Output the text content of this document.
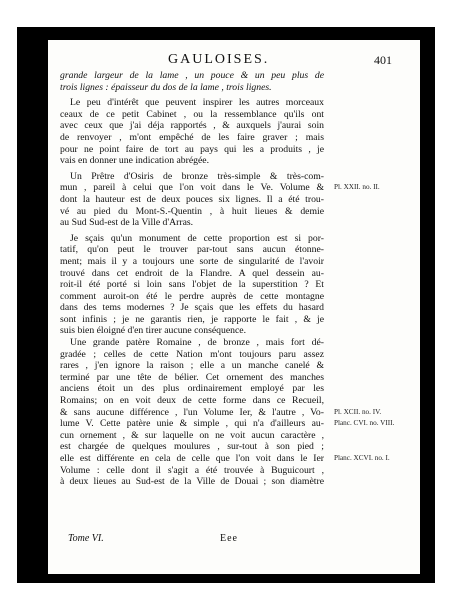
GAULOISES.	401
grande largeur de la lame , un pouce & un peu plus de
trois lignes : épaisseur du dos de la lame , trois lignes.
Le peu d'intérêt que peuvent inspirer les autres morceaux
ceaux de ce petit Cabinet , ou la ressemblance qu'ils ont
avec ceux que j'ai déja rapportés , & auxquels j'aurai soin
de renvoyer , m'ont empêché de les faire graver ; mais
pour ne point faire de tort au pays qui les a produits , je
vais en donner une indication abrégée.
Un Prêtre d'Osiris de bronze très-simple & très-com-
mun , pareil à celui que l'on voit dans le Ve. Volume &
dont la hauteur est de deux pouces six lignes. Il a été trou-
vé au pied du Mont-S.-Quentin , à huit lieues & demie
au Sud Sud-est de la Ville d'Arras.
Je sçais qu'un monument de cette proportion est si por-
tatif, qu'on peut le trouver par-tout sans aucun étonne-
ment; mais il y a toujours une sorte de singularité de l'avoir
trouvé dans cet endroit de la Flandre. A quel dessein au-
roit-il été porté si loin sans l'objet de la superstition ? Et
comment auroit-on été le perdre auprès de cette montagne
dans des tems modernes ? Je sçais que les effets du hasard
sont infinis ; je ne garantis rien, je rapporte le fait , & je
suis bien éloigné d'en tirer aucune conséquence.
Une grande patère Romaine , de bronze , mais fort dé-
gradée ; celles de cette Nation m'ont toujours paru assez
rares , j'en ignore la raison ; elle a un manche canelé &
terminé par une tête de bélier. Cet ornement des manches
anciens étoit un des plus ordinairement employé par les
Romains; on en voit deux de cette forme dans ce Recueil,
& sans aucune différence , l'un Volume Ier, & l'autre , Vo-
lume V. Cette patère unie & simple , qui n'a d'ailleurs au-
cun ornement , & sur laquelle on ne voit aucun caractère ,
est chargée de quelques moulures , sur-tout à son pied ;
elle est différente en cela de celle que l'on voit dans le Ier
Volume : celle dont il s'agit a été trouvée à Buguicourt ,
à deux lieues au Sud-est de la Ville de Douai ; son diamètre
Pl. XXII. no. II.
Pl. XCII. no. IV.
Planc. CVI. no. VIII.
Planc. XCVI. no. I.
Tome VI.	Eee
